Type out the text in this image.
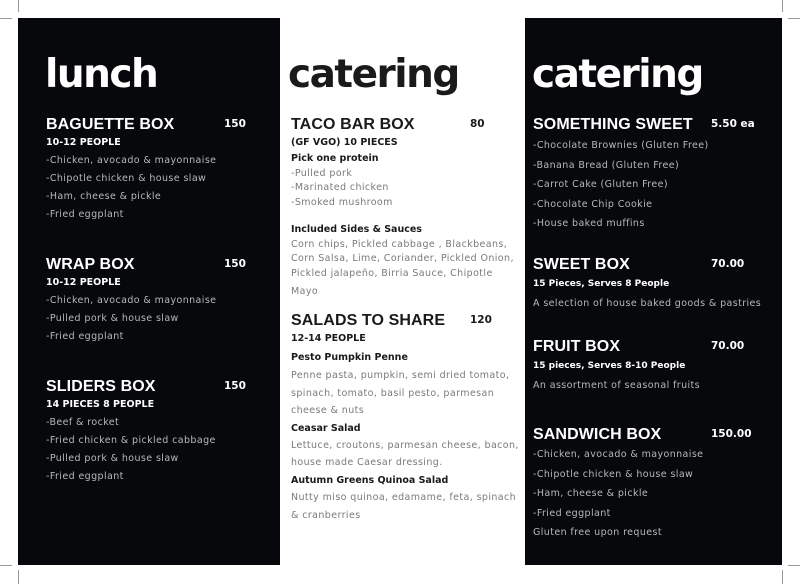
lunch
BAGUETTE BOX	150
10-12 PEOPLE
-Chicken, avocado & mayonnaise
-Chipotle chicken & house slaw
-Ham, cheese & pickle
-Fried eggplant
WRAP BOX	150
10-12 PEOPLE
-Chicken, avocado & mayonnaise
-Pulled pork & house slaw
-Fried eggplant
SLIDERS BOX	150
14 PIECES 8 PEOPLE
-Beef & rocket
-Fried chicken & pickled cabbage
-Pulled pork & house slaw
-Fried eggplant
catering
TACO BAR BOX	80
(GF VGO) 10 PIECES
Pick one protein
-Pulled pork
-Marinated chicken
-Smoked mushroom
Included Sides & Sauces
Corn chips, Pickled cabbage , Blackbeans,
Corn Salsa, Lime, Coriander, Pickled Onion,
Pickled jalapeño, Birria Sauce, Chipotle
Mayo
SALADS TO SHARE	120
12-14 PEOPLE
Pesto Pumpkin Penne
Penne pasta, pumpkin, semi dried tomato,
spinach, tomato, basil pesto, parmesan
cheese & nuts
Ceasar Salad
Lettuce, croutons, parmesan cheese, bacon,
house made Caesar dressing.
Autumn Greens Quinoa Salad
Nutty miso quinoa, edamame, feta, spinach
& cranberries
catering
SOMETHING SWEET	5.50 ea
-Chocolate Brownies (Gluten Free)
-Banana Bread (Gluten Free)
-Carrot Cake (Gluten Free)
-Chocolate Chip Cookie
-House baked muffins
SWEET BOX	70.00
15 Pieces, Serves 8 People
A selection of house baked goods & pastries
FRUIT BOX	70.00
15 pieces, Serves 8-10 People
An assortment of seasonal fruits
SANDWICH BOX	150.00
-Chicken, avocado & mayonnaise
-Chipotle chicken & house slaw
-Ham, cheese & pickle
-Fried eggplant
Gluten free upon request
